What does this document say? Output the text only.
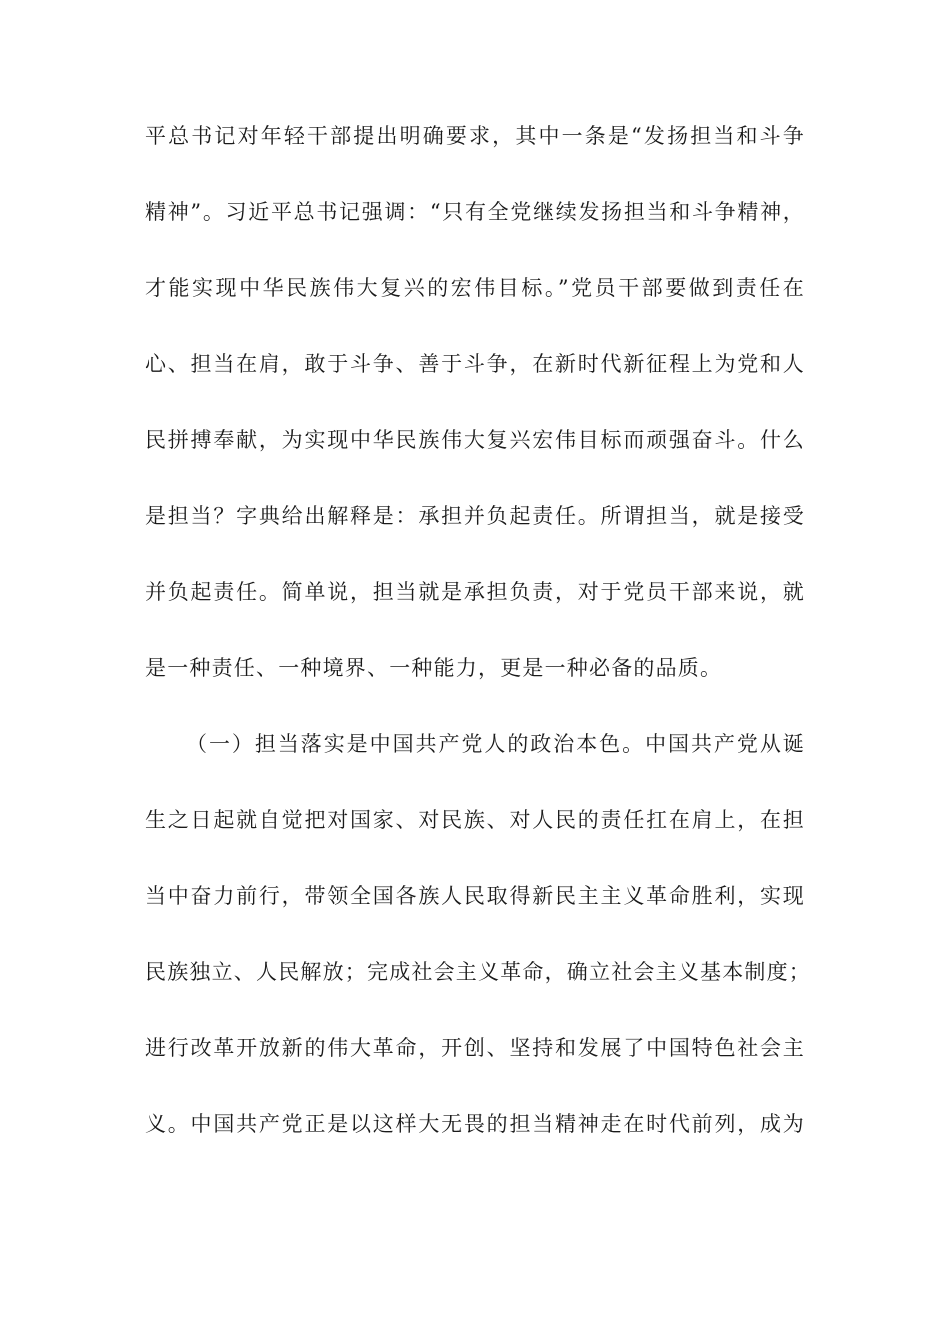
平总书记对年轻干部提出明确要求，其中一条是“发扬担当和斗争
精神”。习近平总书记强调：“只有全党继续发扬担当和斗争精神，
才能实现中华民族伟大复兴的宏伟目标。”党员干部要做到责任在
心、担当在肩，敢于斗争、善于斗争，在新时代新征程上为党和人
民拼搏奉献，为实现中华民族伟大复兴宏伟目标而顽强奋斗。什么
是担当？字典给出解释是：承担并负起责任。所谓担当，就是接受
并负起责任。简单说，担当就是承担负责，对于党员干部来说，就
是一种责任、一种境界、一种能力，更是一种必备的品质。
（一）担当落实是中国共产党人的政治本色。中国共产党从诞
生之日起就自觉把对国家、对民族、对人民的责任扛在肩上，在担
当中奋力前行，带领全国各族人民取得新民主主义革命胜利，实现
民族独立、人民解放；完成社会主义革命，确立社会主义基本制度；
进行改革开放新的伟大革命，开创、坚持和发展了中国特色社会主
义。中国共产党正是以这样大无畏的担当精神走在时代前列，成为
